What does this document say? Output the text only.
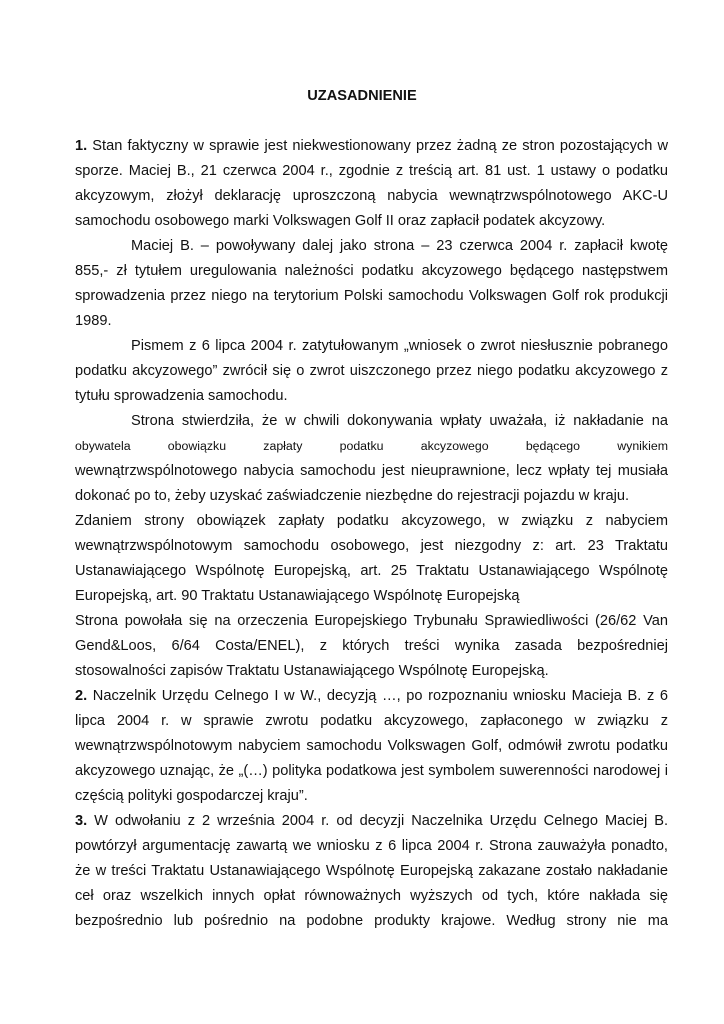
UZASADNIENIE
1. Stan faktyczny w sprawie jest niekwestionowany przez żadną ze stron pozostających w
sporze. Maciej B., 21 czerwca 2004 r., zgodnie z treścią art. 81 ust. 1 ustawy o podatku
akcyzowym, złożył deklarację uproszczoną nabycia wewnątrzwspólnotowego AKC-U
samochodu osobowego marki Volkswagen Golf II oraz zapłacił podatek akcyzowy.
Maciej B. – powoływany dalej jako strona – 23 czerwca 2004 r. zapłacił kwotę
855,- zł tytułem uregulowania należności podatku akcyzowego będącego następstwem
sprowadzenia przez niego na terytorium Polski samochodu Volkswagen Golf rok produkcji
1989.
Pismem z 6 lipca 2004 r. zatytułowanym „wniosek o zwrot niesłusznie pobranego
podatku akcyzowego” zwrócił się o zwrot uiszczonego przez niego podatku akcyzowego z
tytułu sprowadzenia samochodu.
Strona stwierdziła, że w chwili dokonywania wpłaty uważała, iż nakładanie na
obywatela obowiązku zapłaty podatku akcyzowego będącego wynikiem
wewnątrzwspólnotowego nabycia samochodu jest nieuprawnione, lecz wpłaty tej musiała
dokonać po to, żeby uzyskać zaświadczenie niezbędne do rejestracji pojazdu w kraju.
Zdaniem strony obowiązek zapłaty podatku akcyzowego, w związku z nabyciem
wewnątrzwspólnotowym samochodu osobowego, jest niezgodny z: art. 23 Traktatu
Ustanawiającego Wspólnotę Europejską, art. 25 Traktatu Ustanawiającego Wspólnotę
Europejską, art. 90 Traktatu Ustanawiającego Wspólnotę Europejską
Strona powołała się na orzeczenia Europejskiego Trybunału Sprawiedliwości (26/62 Van
Gend&Loos, 6/64 Costa/ENEL), z których treści wynika zasada bezpośredniej
stosowalności zapisów Traktatu Ustanawiającego Wspólnotę Europejską.
2. Naczelnik Urzędu Celnego I w W., decyzją …, po rozpoznaniu wniosku Macieja B. z 6
lipca 2004 r. w sprawie zwrotu podatku akcyzowego, zapłaconego w związku z
wewnątrzwspólnotowym nabyciem samochodu Volkswagen Golf, odmówił zwrotu podatku
akcyzowego uznając, że „(…) polityka podatkowa jest symbolem suwerenności narodowej i
częścią polityki gospodarczej kraju”.
3. W odwołaniu z 2 września 2004 r. od decyzji Naczelnika Urzędu Celnego Maciej B.
powtórzył argumentację zawartą we wniosku z 6 lipca 2004 r. Strona zauważyła ponadto,
że w treści Traktatu Ustanawiającego Wspólnotę Europejską zakazane zostało nakładanie
ceł oraz wszelkich innych opłat równoważnych wyższych od tych, które nakłada się
bezpośrednio lub pośrednio na podobne produkty krajowe. Według strony nie ma
